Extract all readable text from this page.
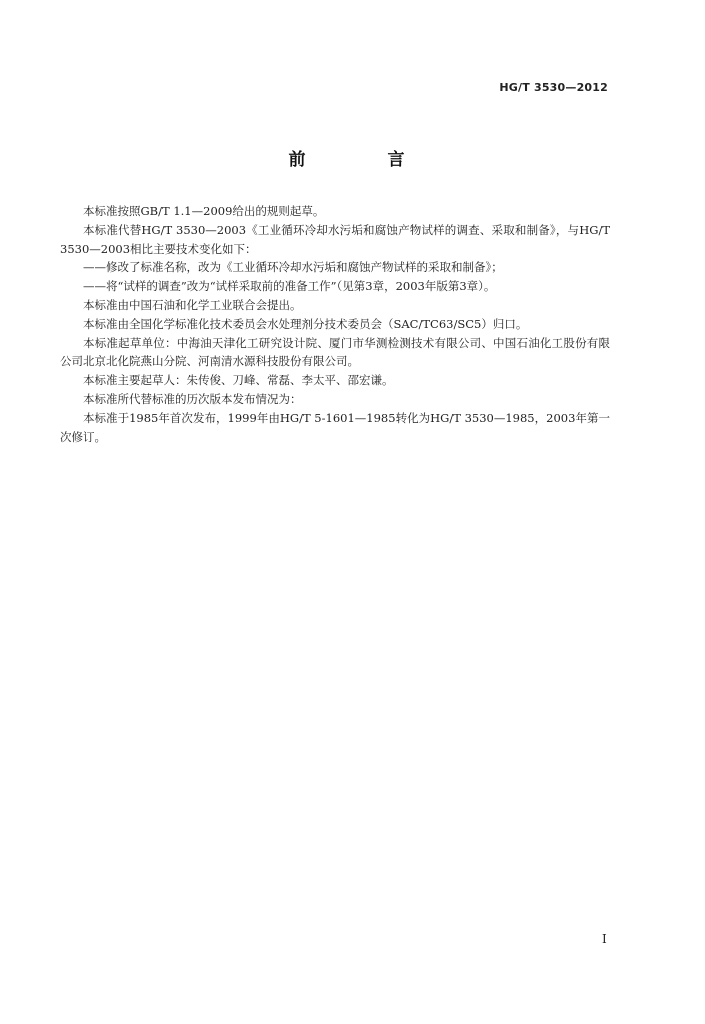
HG/T 3530—2012
前 言

本标准按照GB/T 1.1—2009给出的规则起草。

本标准代替HG/T 3530—2003《工业循环冷却水污垢和腐蚀产物试样的调查、采取和制备》，与HG/T 3530—2003相比主要技术变化如下：

——修改了标准名称，改为《工业循环冷却水污垢和腐蚀产物试样的采取和制备》；

——将“试样的调查”改为“试样采取前的准备工作”（见第3章，2003年版第3章）。

本标准由中国石油和化学工业联合会提出。

本标准由全国化学标准化技术委员会水处理剂分技术委员会（SAC/TC63/SC5）归口。

本标准起草单位：中海油天津化工研究设计院、厦门市华测检测技术有限公司、中国石油化工股份有限公司北京北化院燕山分院、河南清水源科技股份有限公司。

本标准主要起草人：朱传俊、刀峰、常磊、李太平、邵宏谦。

本标准所代替标准的历次版本发布情况为：

本标准于1985年首次发布，1999年由HG/T 5-1601—1985转化为HG/T 3530—1985，2003年第一次修订。

I
